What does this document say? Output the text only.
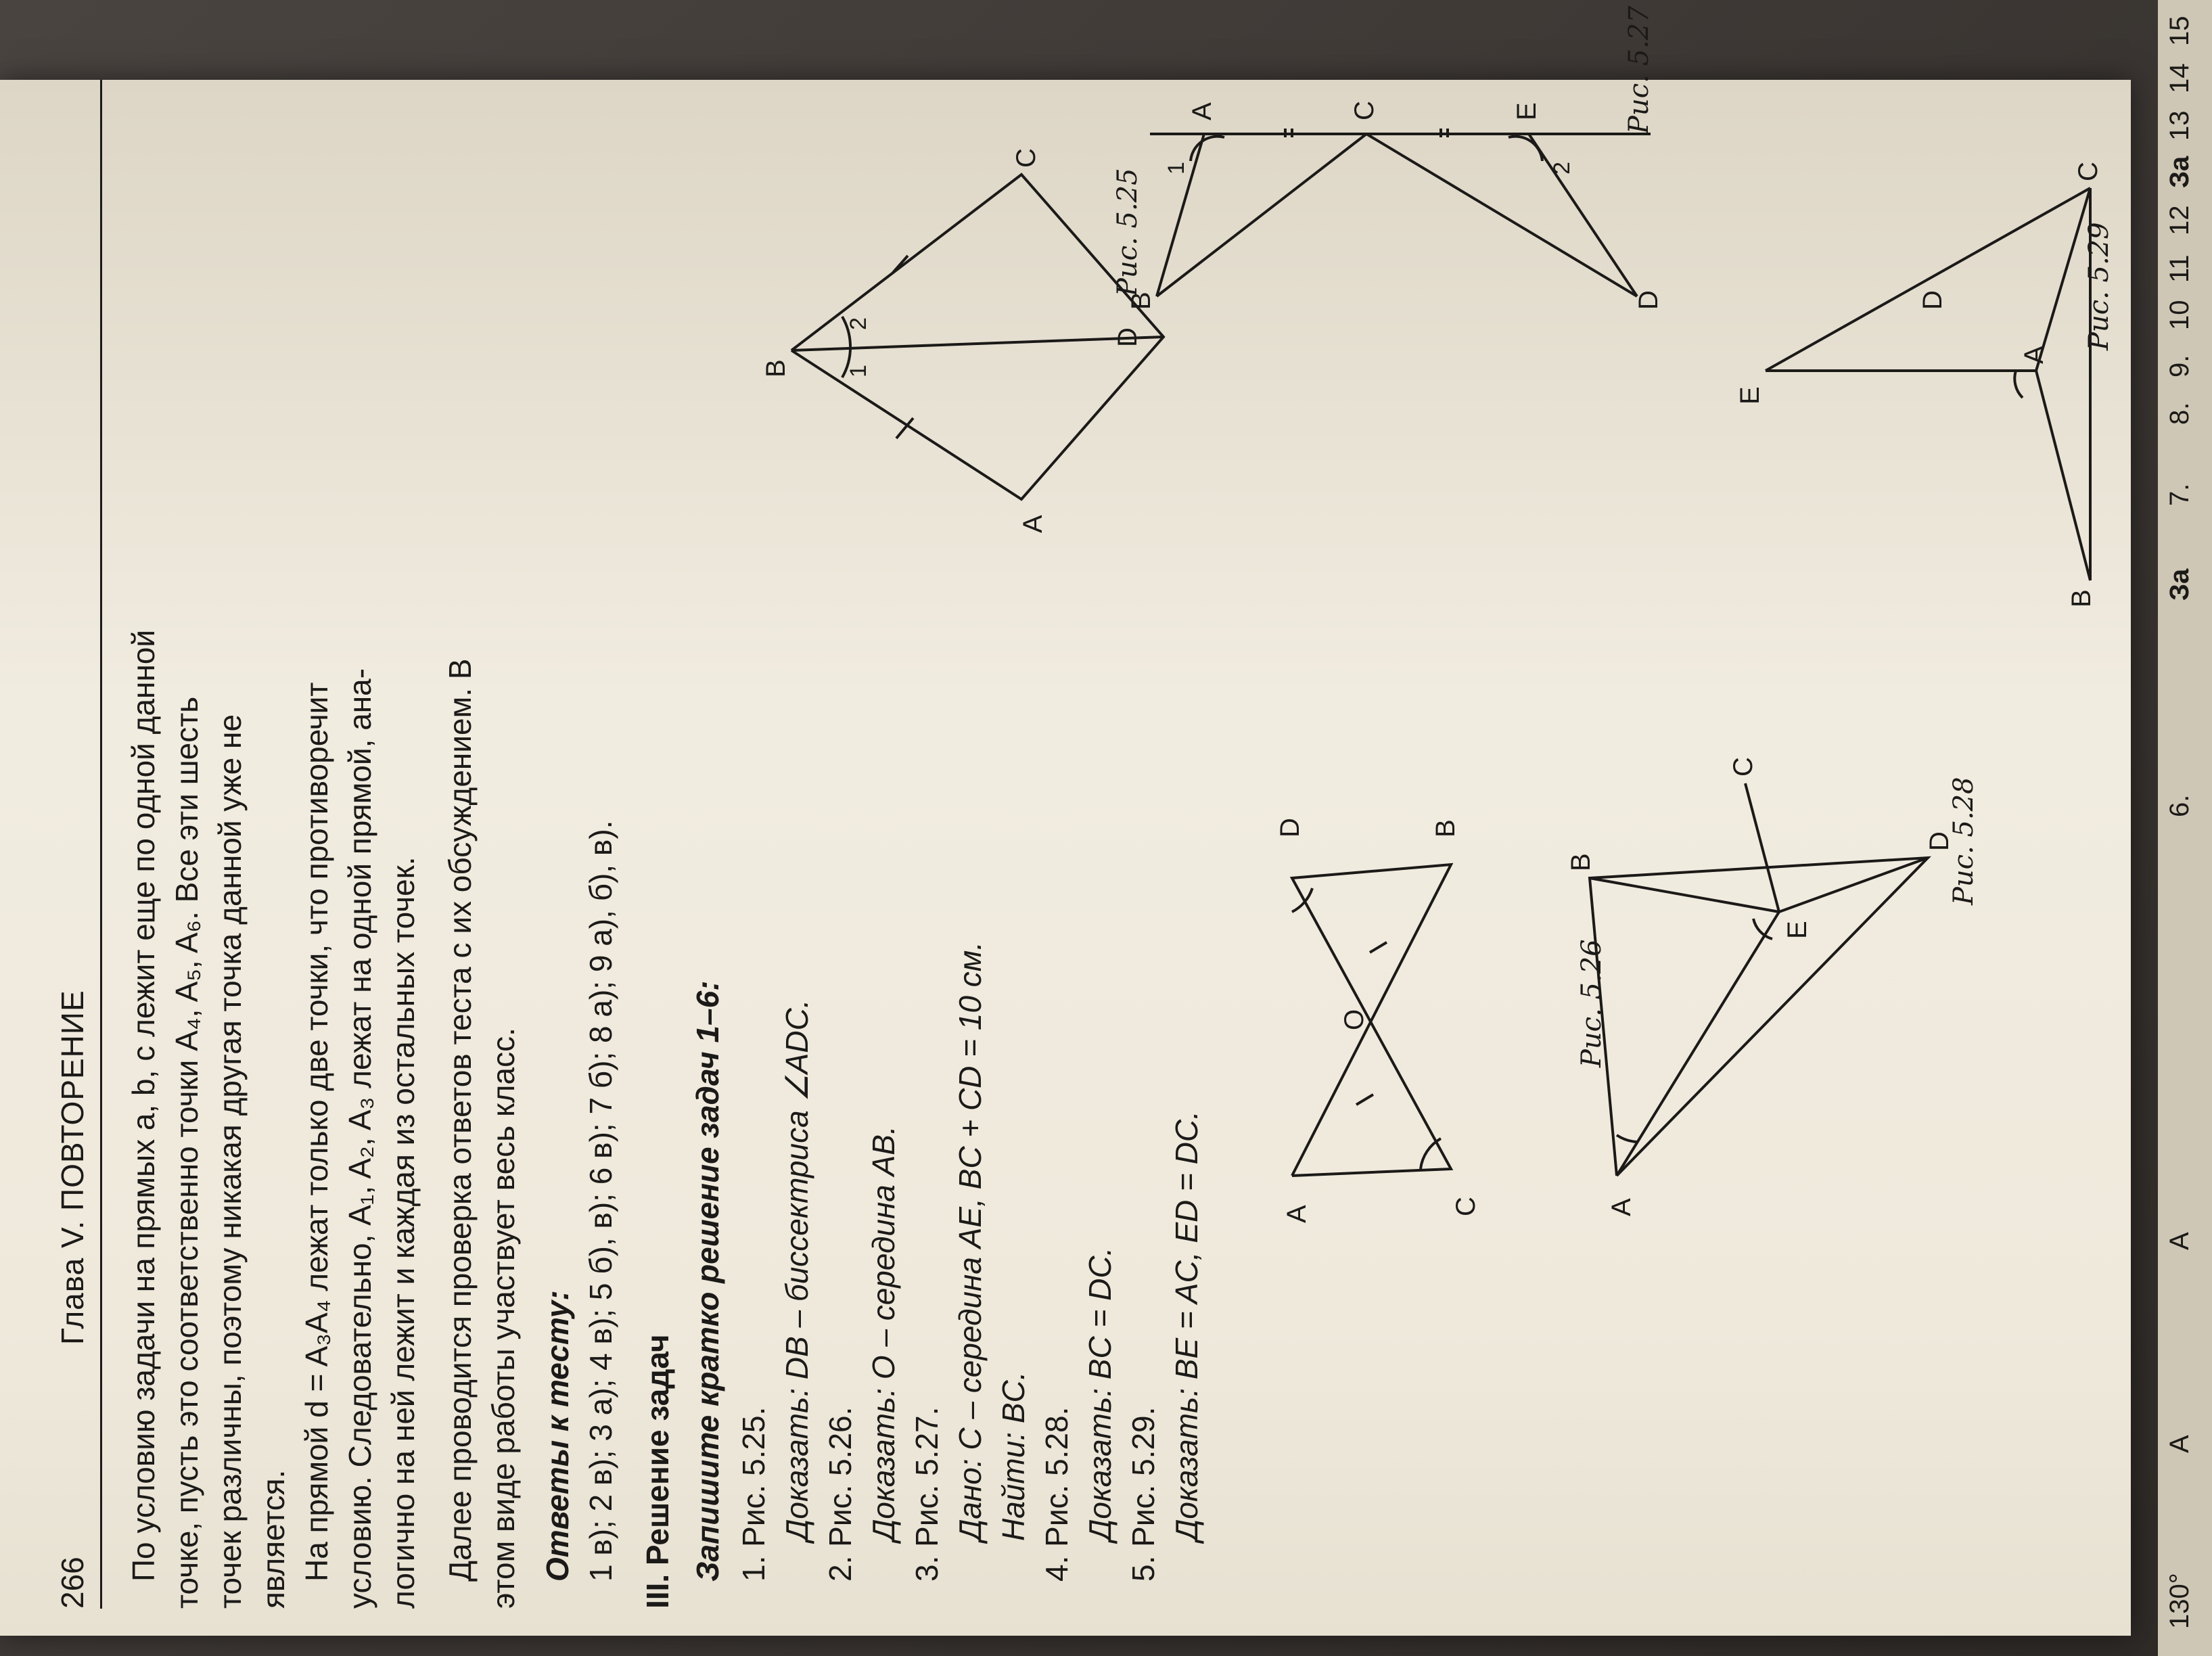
266
Глава V. ПОВТОРЕНИЕ По условию задачи на прямых a, b, c лежит еще по одной данной точке, пусть это соответственно точки A₄, A₅, A₆. Все эти шесть точек различны, поэтому никакая другая точка данной уже не является. На прямой d = A₃A₄ лежат только две точки, что противоречит условию. Следовательно, A₁, A₂, A₃ лежат на одной прямой, ана- логично на ней лежит и каждая из остальных точек. Далее проводится проверка ответов теста с их обсуждением. В этом виде работы участвует весь класс. Ответы к тесту: 1 в); 2 в); 3 а); 4 в); 5 б), в); 6 в); 7 б); 8 а); 9 а), б), в). III. Решение задач Запишите кратко решение задач 1–6: 1. Рис. 5.25. Доказать: DB – биссектриса ∠ADC. 2. Рис. 5.26. Доказать: O – середина AB. 3. Рис. 5.27. Дано: C – середина AE, BC + CD = 10 см. Найти: BC. 4. Рис. 5.28. Доказать: BC = DC. 5. Рис. 5.29. Доказать: BE = AC, ED = DC.
B
A
C
D
1
2
Рис. 5.25
A
D	B
C
O	Рис. 5.26
A	C	E
B	D
1	2
Рис. 5.27
A
B
C
D
E
Рис. 5.28
E
A
B
C
D	Рис. 5.29
130°
6.
За
7.
8.
9.
10
11
12
За
13
14
15
A
A
